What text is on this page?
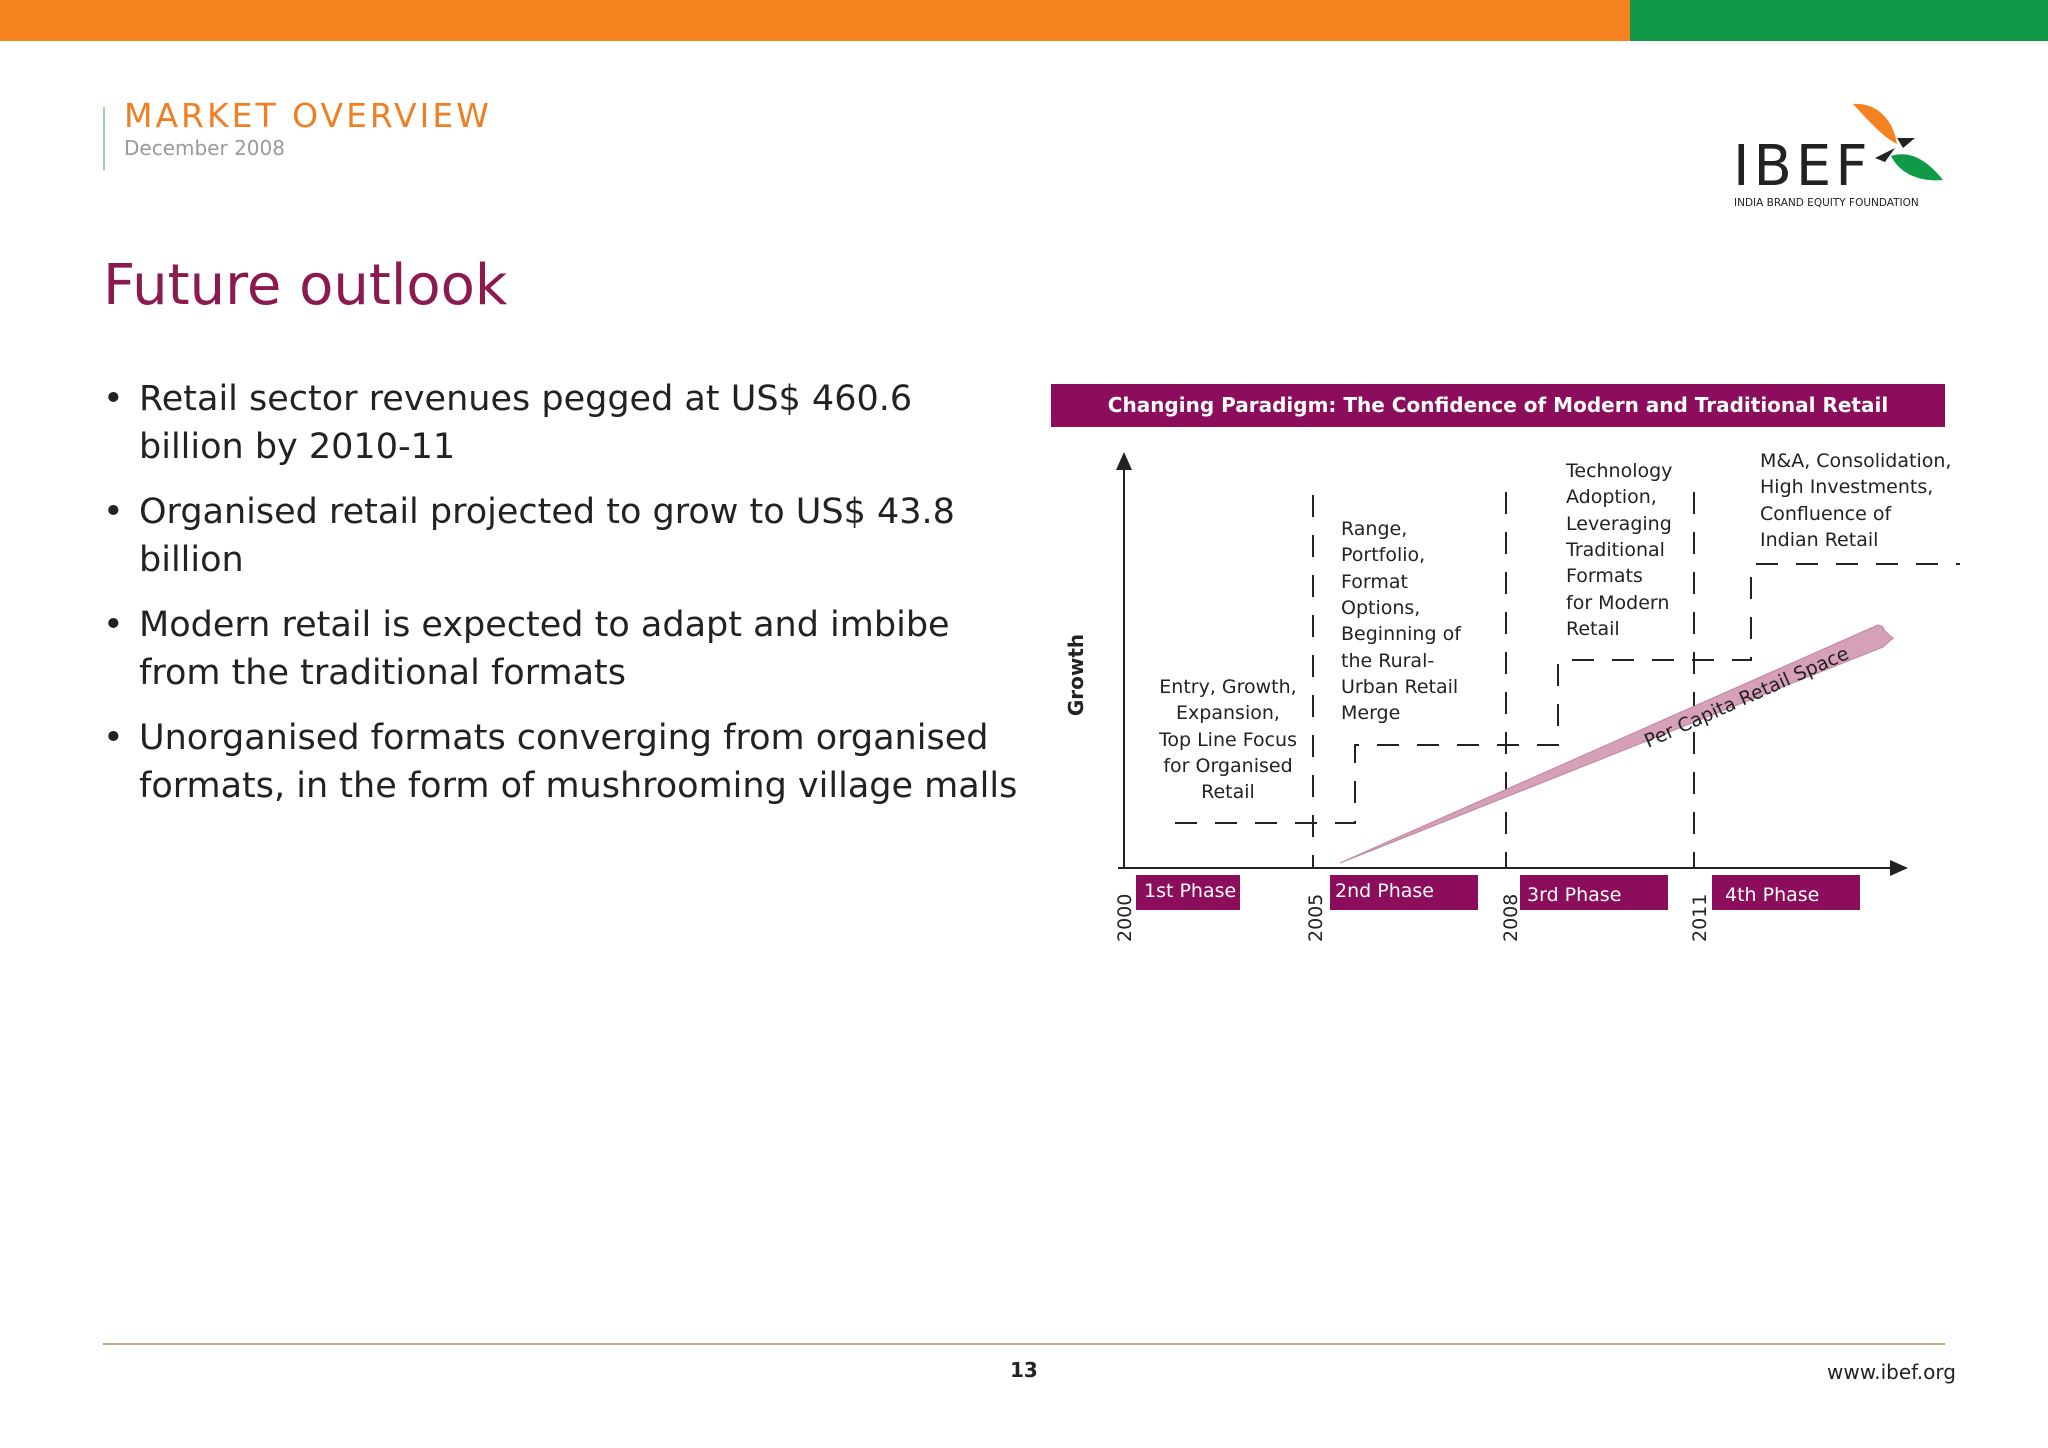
MARKET OVERVIEW
December 2008	IBEF
INDIA BRAND EQUITY FOUNDATION
Future outlook
• Retail sector revenues pegged at US$ 460.6 billion by 2010-11
• Organised retail projected to grow to US$ 43.8 billion
• Modern retail is expected to adapt and imbibe from the traditional formats
• Unorganised formats converging from organised formats, in the form of mushrooming village malls
Changing Paradigm: The Confidence of Modern and Traditional Retail
Growth	Per Capita Retail Space
Entry, Growth,
Expansion,
Top Line Focus
for Organised
Retail
Range,
Portfolio,
Format
Options,
Beginning of
the Rural-
Urban Retail
Merge
Technology
Adoption,
Leveraging
Traditional
Formats
for Modern
Retail
M&A, Consolidation,
High Investments,
Confluence of
Indian Retail
1st Phase	2nd Phase	3rd Phase	4th Phase
2000	2005	2008	2011
13	www.ibef.org
